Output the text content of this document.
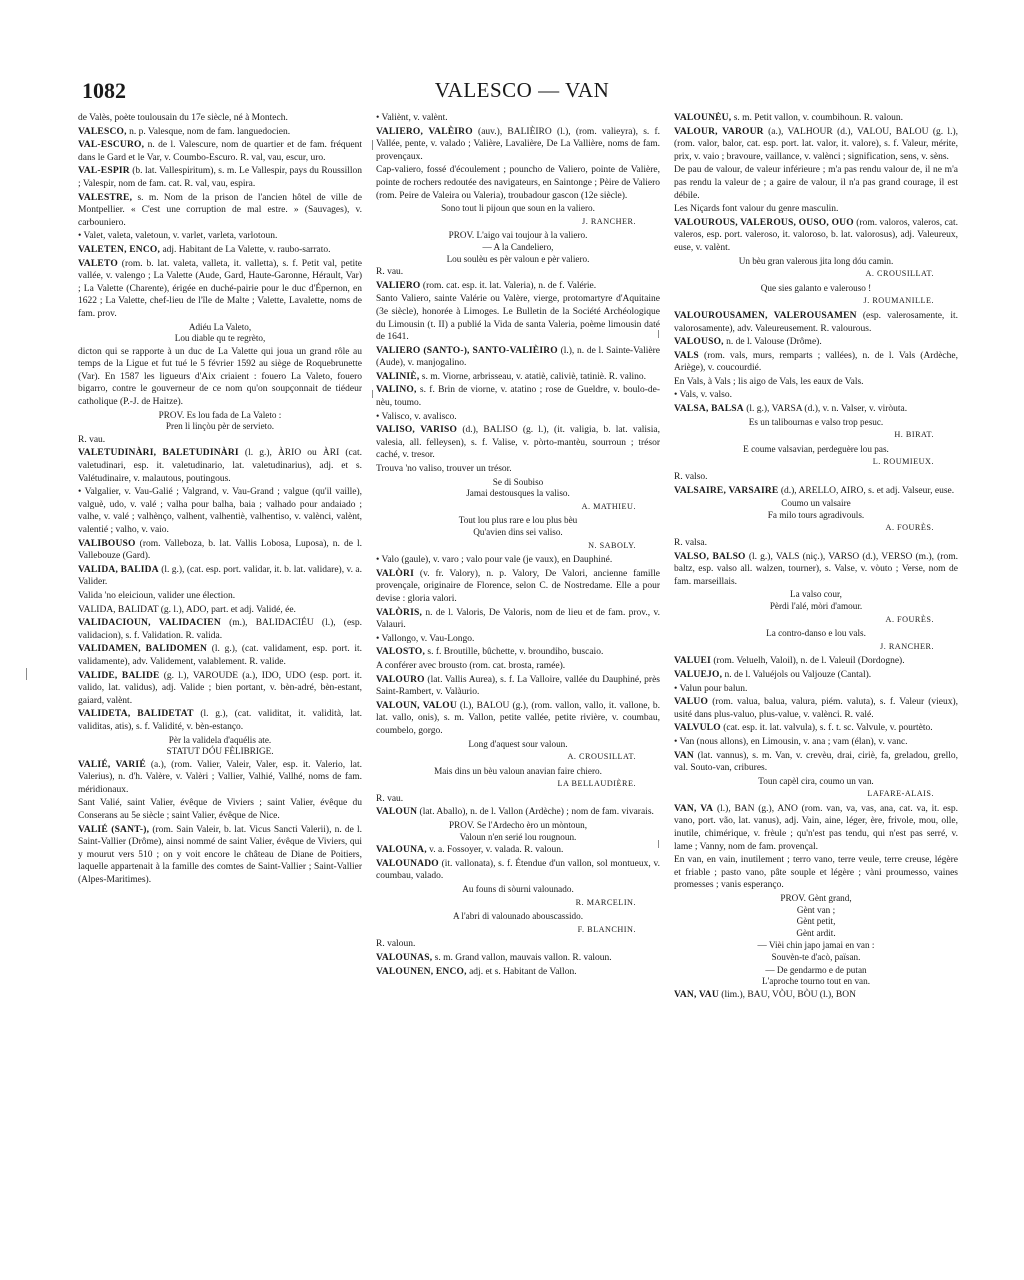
1082	VALESCO — VAN

de Valès, poète toulousain du 17e siècle, né à Montech.

VALESCO, n. p. Valesque, nom de fam. languedocien.

VAL-ESCURO, n. de l. Valescure, nom de quartier et de fam. fréquent dans le Gard et le Var, v. Coumbo-Escuro. R. val, vau, escur, uro.

VAL-ESPIR (b. lat. Vallespiritum), s. m. Le Vallespir, pays du Roussillon ; Valespir, nom de fam. cat. R. val, vau, espira.

VALESTRE, s. m. Nom de la prison de l'ancien hôtel de ville de Montpellier. « C'est une corruption de mal estre. » (Sauvages), v. carbouniero.

• Valet, valeta, valetoun, v. varlet, varleta, varlotoun.

VALETEN, ENCO, adj. Habitant de La Valette, v. raubo-sarrato.

VALETO (rom. b. lat. valeta, valleta, it. valletta), s. f. Petit val, petite vallée, v. valengo ; La Valette (Aude, Gard, Haute-Garonne, Hérault, Var) ; La Valette (Charente), érigée en duché-pairie pour le duc d'Épernon, en 1622 ; La Valette, chef-lieu de l'île de Malte ; Valette, Lavalette, noms de fam. prov.

Adiéu La Valeto,
Lou diable qu te regrèto,

dicton qui se rapporte à un duc de La Valette qui joua un grand rôle au temps de la Ligue et fut tué le 5 février 1592 au siège de Roquebrunette (Var). En 1587 les ligueurs d'Aix criaient : fouero La Valeto, fouero bigarro, contre le gouverneur de ce nom qu'on soupçonnait de tiédeur catholique (P.-J. de Haitze).

PROV. Es lou fada de La Valeto :
Pren li linçòu pèr de servieto.

R. vau.

VALETUDINÀRI, BALETUDINÀRI (l. g.), ÀRIO ou ÀRI (cat. valetudinari, esp. it. valetudinario, lat. valetudinarius), adj. et s. Valétudinaire, v. malautous, poutingous.

• Valgalier, v. Vau-Galié ; Valgrand, v. Vau-Grand ; valgue (qu'il vaille), valguè, udo, v. valé ; valha pour balha, baia ; valhado pour andaiado ; valhe, v. valé ; valhènço, valhent, valhentiè, valhentiso, v. valènci, valènt, valentié ; valho, v. vaio.

VALIBOUSO (rom. Valleboza, b. lat. Vallis Lobosa, Luposa), n. de l. Vallebouze (Gard).

VALIDA, BALIDA (l. g.), (cat. esp. port. validar, it. b. lat. validare), v. a. Valider.

Valida 'no eleicioun, valider une élection.

VALIDA, BALIDAT (g. l.), ADO, part. et adj. Validé, ée.

VALIDACIOUN, VALIDACIEN (m.), BALIDACIÉU (l.), (esp. validacion), s. f. Validation. R. valida.

VALIDAMEN, BALIDOMEN (l. g.), (cat. validament, esp. port. it. validamente), adv. Validement, valablement. R. valide.

VALIDE, BALIDE (g. l.), VAROUDE (a.), IDO, UDO (esp. port. it. valido, lat. validus), adj. Valide ; bien portant, v. bèn-adré, bèn-estant, gaiard, valènt.

VALIDETA, BALIDETAT (l. g.), (cat. validitat, it. validità, lat. validitas, atis), s. f. Validité, v. bèn-estanço.

Pèr la validela d'aquélis ate.
STATUT DÓU FÈLIBRIGE.

VALIÉ, VARIÉ (a.), (rom. Valier, Valeir, Valer, esp. it. Valerio, lat. Valerius), n. d'h. Valère, v. Valèri ; Vallier, Valhié, Vallhé, noms de fam. méridionaux.

Sant Valié, saint Valier, évêque de Viviers ; saint Valier, évêque du Conserans au 5e siècle ; saint Valier, évêque de Nice.

VALIÉ (SANT-), (rom. Sain Valeir, b. lat. Vicus Sancti Valerii), n. de l. Saint-Vallier (Drôme), ainsi nommé de saint Valier, évêque de Viviers, qui y mourut vers 510 ; on y voit encore le château de Diane de Poitiers, laquelle appartenait à la famille des comtes de Saint-Vallier ; Saint-Vallier (Alpes-Maritimes).

• Valiènt, v. valènt.

VALIERO, VALÈIRO (auv.), BALIÈIRO (l.), (rom. valieyra), s. f. Vallée, pente, v. valado ; Valière, Lavalière, De La Vallière, noms de fam. provençaux.

Cap-valiero, fossé d'écoulement ; pouncho de Valiero, pointe de Valière, pointe de rochers redoutée des navigateurs, en Saintonge ; Pèire de Valiero (rom. Peire de Valeira ou Valeria), troubadour gascon (12e siècle).

Sono tout li pijoun que soun en la valiero.
J. RANCHER.
PROV. L'aigo vai toujour à la valiero.
— A la Candeliero,
Lou soulèu es pèr valoun e pèr valiero.

R. vau.

VALIERO (rom. cat. esp. it. lat. Valeria), n. de f. Valérie.

Santo Valiero, sainte Valérie ou Valère, vierge, protomartyre d'Aquitaine (3e siècle), honorée à Limoges. Le Bulletin de la Société Archéologique du Limousin (t. II) a publié la Vida de santa Valeria, poème limousin daté de 1641.

VALIERO (SANTO-), SANTO-VALIÈIRO (l.), n. de l. Sainte-Valière (Aude), v. manjogalino.

VALINIÈ, s. m. Viorne, arbrisseau, v. atatiè, caliviè, tatiniè. R. valino.

VALINO, s. f. Brin de viorne, v. atatino ; rose de Gueldre, v. boulo-de-nèu, toumo.

• Valisco, v. avalisco.

VALISO, VARISO (d.), BALISO (g. l.), (it. valigia, b. lat. valisia, valesia, all. felleysen), s. f. Valise, v. pòrto-mantèu, sourroun ; trésor caché, v. tresor.

Trouva 'no valiso, trouver un trésor.

Se di Soubiso
Jamai destousques la valiso.
A. MATHIEU.
Tout lou plus rare e lou plus bèu
Qu'avien dins sei valiso.
N. SABOLY.

• Valo (gaule), v. varo ; valo pour vale (je vaux), en Dauphiné.

VALÒRI (v. fr. Valory), n. p. Valory, De Valori, ancienne famille provençale, originaire de Florence, selon C. de Nostredame. Elle a pour devise : gloria valori.

VALÒRIS, n. de l. Valoris, De Valoris, nom de lieu et de fam. prov., v. Valauri.

• Vallongo, v. Vau-Longo.

VALOSTO, s. f. Broutille, bûchette, v. broundiho, buscaio.

A conférer avec brousto (rom. cat. brosta, ramée).

VALOURO (lat. Vallis Aurea), s. f. La Valloire, vallée du Dauphiné, près Saint-Rambert, v. Valàurio.

VALOUN, VALOU (l.), BALOU (g.), (rom. vallon, vallo, it. vallone, b. lat. vallo, onis), s. m. Vallon, petite vallée, petite rivière, v. coumbau, coumbelo, gorgo.

Long d'aquest sour valoun.
A. CROUSILLAT.
Mais dins un bèu valoun anavian faire chiero.
LA BELLAUDIÈRE.

R. vau.

VALOUN (lat. Aballo), n. de l. Vallon (Ardèche) ; nom de fam. vivarais.

PROV. Se l'Ardecho èro un mòntoun,
Valoun n'en serié lou rougnoun.

VALOUNA, v. a. Fossoyer, v. valada. R. valoun.

VALOUNADO (it. vallonata), s. f. Étendue d'un vallon, sol montueux, v. coumbau, valado.

Au founs di sòurni valounado.
R. MARCELIN.
A l'abri di valounado abouscassido.
F. BLANCHIN.

R. valoun.

VALOUNAS, s. m. Grand vallon, mauvais vallon. R. valoun.

VALOUNEN, ENCO, adj. et s. Habitant de Vallon.

VALOUNÈU, s. m. Petit vallon, v. coumbihoun. R. valoun.

VALOUR, VAROUR (a.), VALHOUR (d.), VALOU, BALOU (g. l.), (rom. valor, balor, cat. esp. port. lat. valor, it. valore), s. f. Valeur, mérite, prix, v. vaio ; bravoure, vaillance, v. valènci ; signification, sens, v. sèns.

De pau de valour, de valeur inférieure ; m'a pas rendu valour de, il ne m'a pas rendu la valeur de ; a gaire de valour, il n'a pas grand courage, il est débile.

Les Niçards font valour du genre masculin.

VALOUROUS, VALEROUS, OUSO, OUO (rom. valoros, valeros, cat. valeros, esp. port. valeroso, it. valoroso, b. lat. valorosus), adj. Valeureux, euse, v. valènt.

Un bèu gran valerous jita long dóu camin.
A. CROUSILLAT.
Que sies galanto e valerouso !
J. ROUMANILLE.

VALOUROUSAMEN, VALEROUSAMEN (esp. valerosamente, it. valorosamente), adv. Valeureusement. R. valourous.

VALOUSO, n. de l. Valouse (Drôme).

VALS (rom. vals, murs, remparts ; vallées), n. de l. Vals (Ardèche, Ariège), v. coucourdié.

En Vals, à Vals ; lis aigo de Vals, les eaux de Vals.

• Vals, v. valso.

VALSA, BALSA (l. g.), VARSA (d.), v. n. Valser, v. viròuta.

Es un talibournas e valso trop pesuc.
H. BIRAT.
E coume valsavian, perdeguère lou pas.
L. ROUMIEUX.

R. valso.

VALSAIRE, VARSAIRE (d.), ARELLO, AIRO, s. et adj. Valseur, euse.

Coumo un valsaire
Fa milo tours agradivouls.
A. FOURÈS.

R. valsa.

VALSO, BALSO (l. g.), VALS (niç.), VARSO (d.), VERSO (m.), (rom. baltz, esp. valso all. walzen, tourner), s. Valse, v. vòuto ; Verse, nom de fam. marseillais.

La valso cour,
Pèrdi l'alé, mòri d'amour.
A. FOURÈS.
La contro-danso e lou vals.
J. RANCHER.

VALUEI (rom. Veluelh, Valoil), n. de l. Valeuil (Dordogne).

VALUEJO, n. de l. Valuéjols ou Valjouze (Cantal).

• Valun pour balun.

VALUO (rom. valua, balua, valura, piém. valuta), s. f. Valeur (vieux), usité dans plus-valuo, plus-value, v. valènci. R. valé.

VALVULO (cat. esp. it. lat. valvula), s. f. t. sc. Valvule, v. pourtèto.

• Van (nous allons), en Limousin, v. ana ; vam (élan), v. vanc.

VAN (lat. vannus), s. m. Van, v. crevèu, drai, ciriè, fa, greladou, grello, val. Souto-van, cribures.

Toun capèl cira, coumo un van.
LAFARE-ALAIS.

VAN, VA (l.), BAN (g.), ANO (rom. van, va, vas, ana, cat. va, it. esp. vano, port. vão, lat. vanus), adj. Vain, aine, léger, ère, frivole, mou, olle, inutile, chimérique, v. frèule ; qu'n'est pas tendu, qui n'est pas serré, v. lame ; Vanny, nom de fam. provençal.

En van, en vain, inutilement ; terro vano, terre veule, terre creuse, légère et friable ; pasto vano, pâte souple et légère ; vàni proumesso, vaines promesses ; vanis esperanço.

PROV. Gènt grand,
Gènt van ;
Gènt petit,
Gènt ardit.
— Vièi chin japo jamai en van :
Souvèn-te d'acò, païsan.
— De gendarmo e de putan
L'aproche tourno tout en van.

VAN, VAU (lim.), BAU, VÒU, BÒU (l.), BON
